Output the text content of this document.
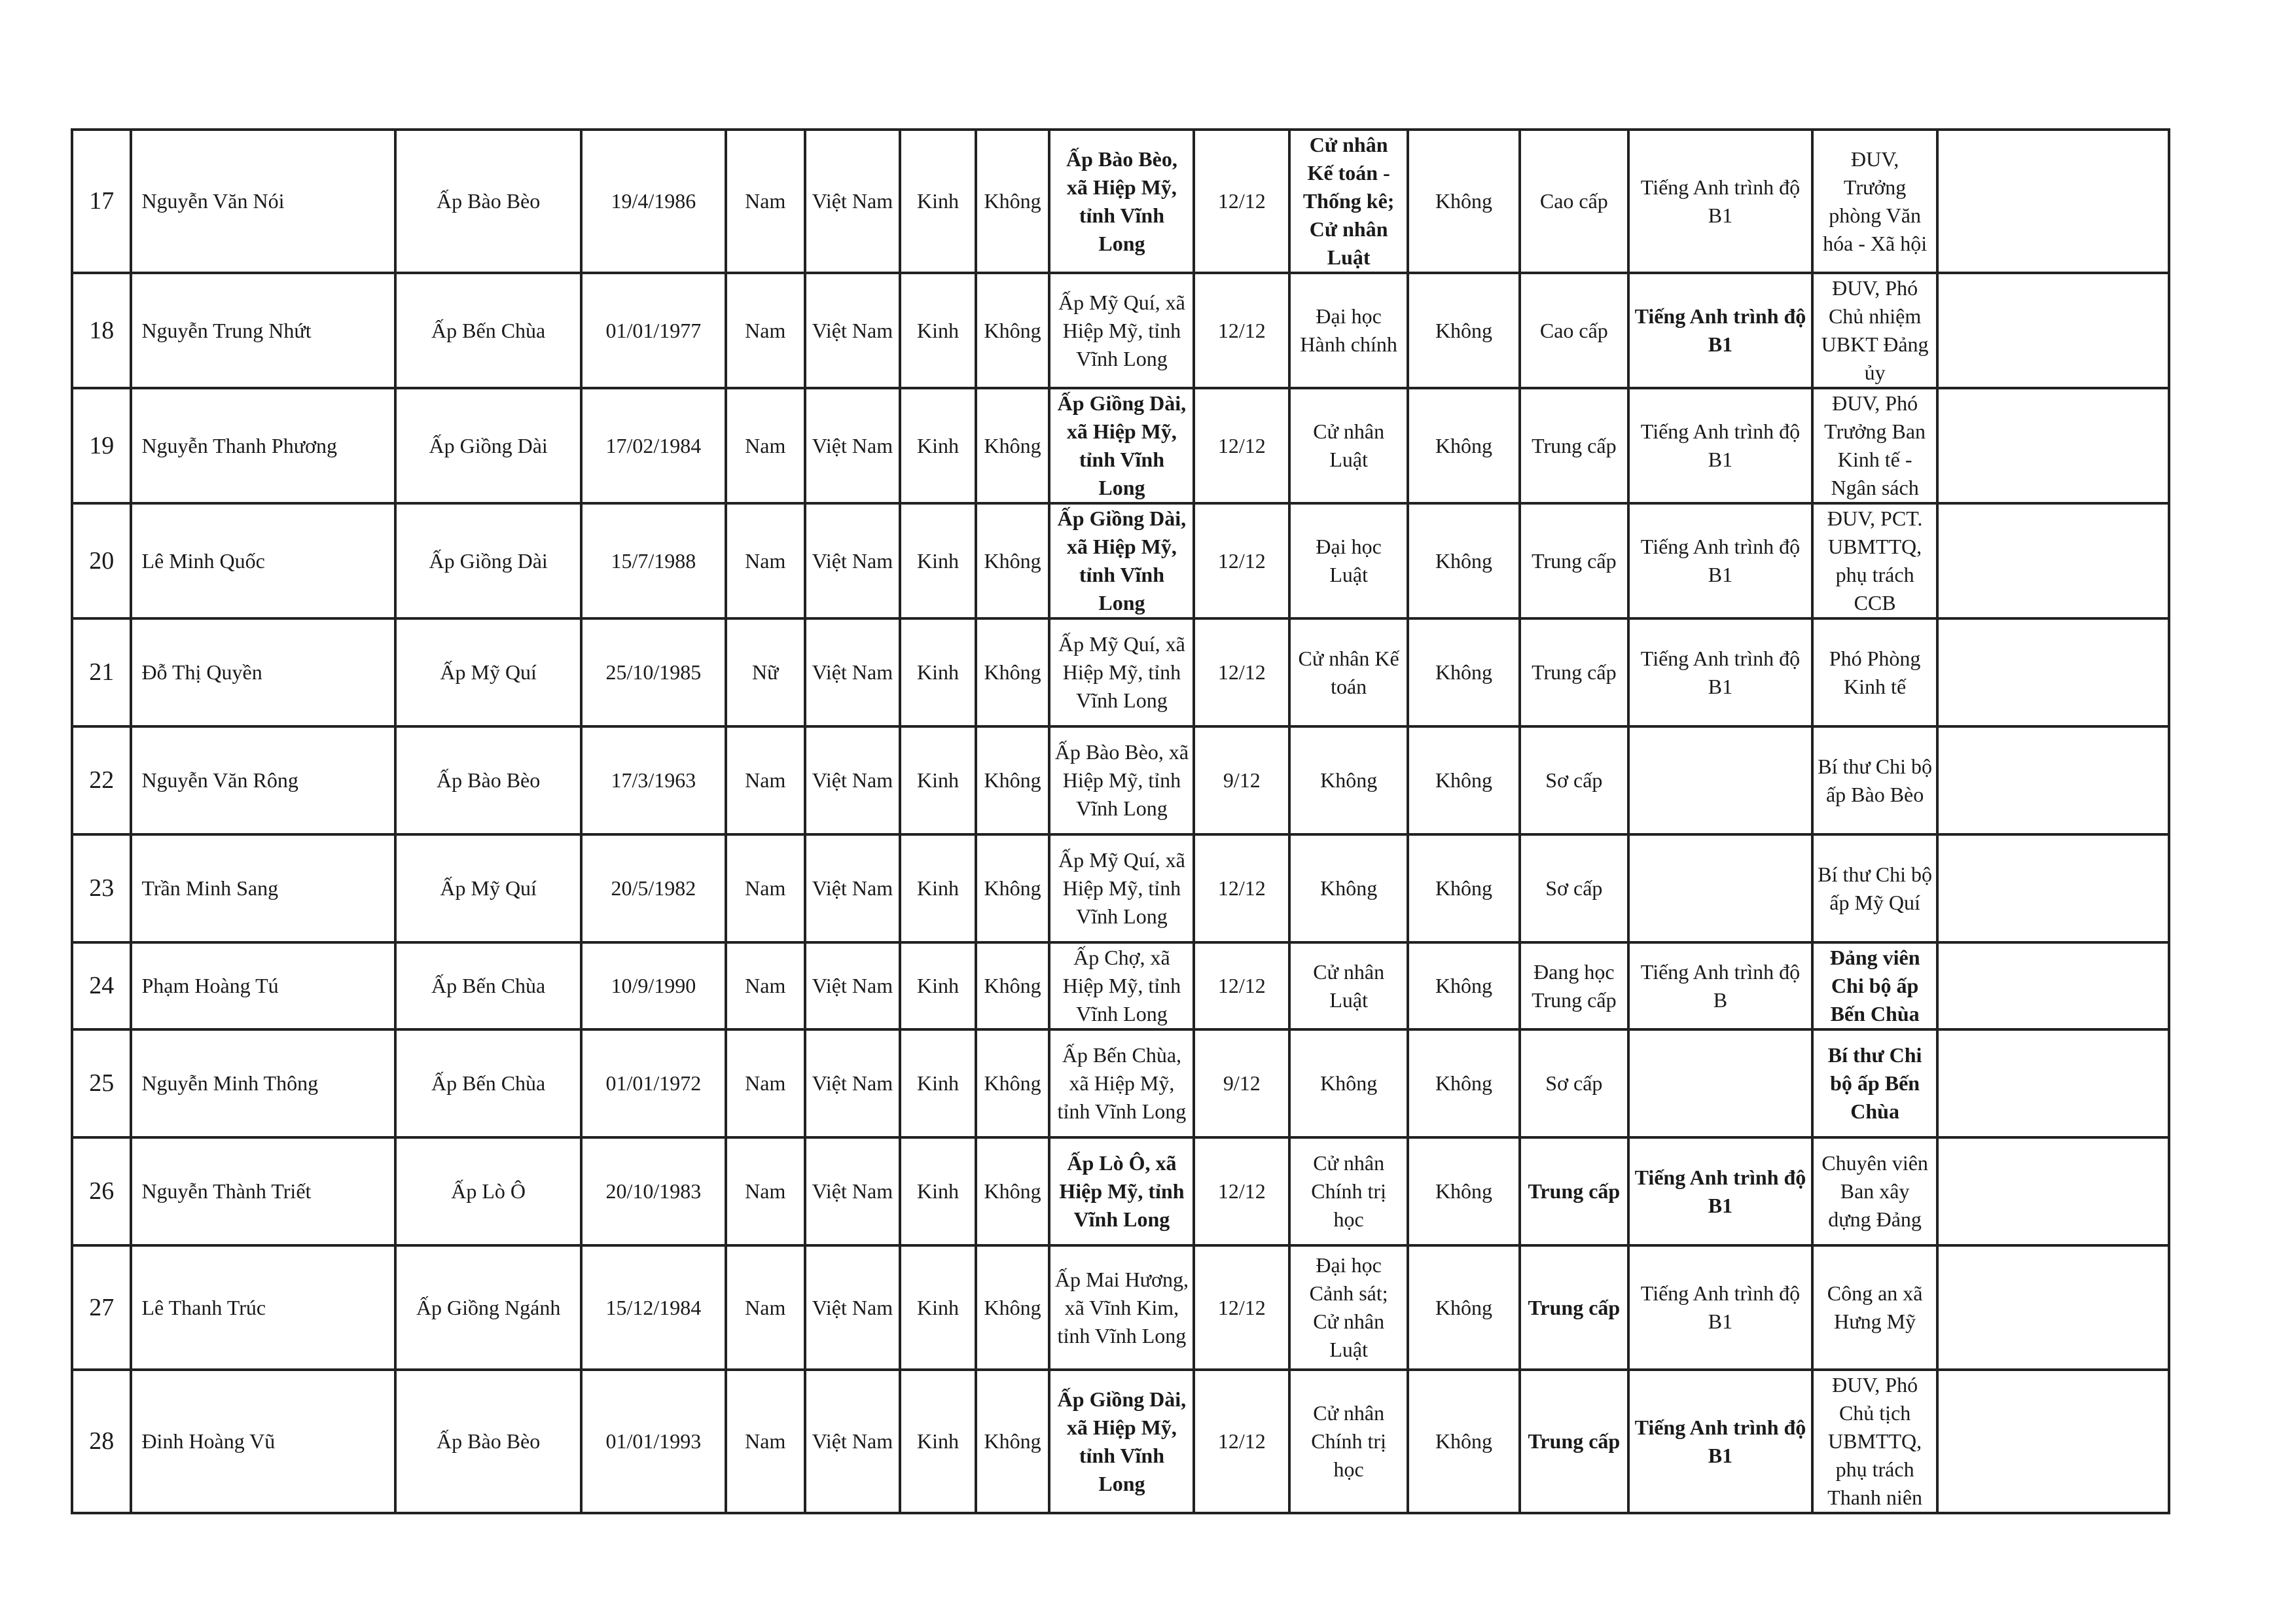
17	Nguyễn Văn Nói	Ấp Bào Bèo	19/4/1986	Nam	Việt Nam	Kinh	Không	Ấp Bào Bèo, xã Hiệp Mỹ, tỉnh Vĩnh Long	12/12	Cử nhân Kế toán - Thống kê; Cử nhân Luật	Không	Cao cấp	Tiếng Anh trình độ B1	ĐUV, Trưởng phòng Văn hóa - Xã hội	
18	Nguyễn Trung Nhứt	Ấp Bến Chùa	01/01/1977	Nam	Việt Nam	Kinh	Không	Ấp Mỹ Quí, xã Hiệp Mỹ, tỉnh Vĩnh Long	12/12	Đại học Hành chính	Không	Cao cấp	Tiếng Anh trình độ B1	ĐUV, Phó Chủ nhiệm UBKT Đảng ủy	
19	Nguyễn Thanh Phương	Ấp Giồng Dài	17/02/1984	Nam	Việt Nam	Kinh	Không	Ấp Giồng Dài, xã Hiệp Mỹ, tỉnh Vĩnh Long	12/12	Cử nhân Luật	Không	Trung cấp	Tiếng Anh trình độ B1	ĐUV, Phó Trưởng Ban Kinh tế - Ngân sách	
20	Lê Minh Quốc	Ấp Giồng Dài	15/7/1988	Nam	Việt Nam	Kinh	Không	Ấp Giồng Dài, xã Hiệp Mỹ, tỉnh Vĩnh Long	12/12	Đại học Luật	Không	Trung cấp	Tiếng Anh trình độ B1	ĐUV, PCT. UBMTTQ, phụ trách CCB	
21	Đỗ Thị Quyền	Ấp Mỹ Quí	25/10/1985	Nữ	Việt Nam	Kinh	Không	Ấp Mỹ Quí, xã Hiệp Mỹ, tỉnh Vĩnh Long	12/12	Cử nhân Kế toán	Không	Trung cấp	Tiếng Anh trình độ B1	Phó Phòng Kinh tế	
22	Nguyễn Văn Rông	Ấp Bào Bèo	17/3/1963	Nam	Việt Nam	Kinh	Không	Ấp Bào Bèo, xã Hiệp Mỹ, tỉnh Vĩnh Long	9/12	Không	Không	Sơ cấp		Bí thư Chi bộ ấp Bào Bèo	
23	Trần Minh Sang	Ấp Mỹ Quí	20/5/1982	Nam	Việt Nam	Kinh	Không	Ấp Mỹ Quí, xã Hiệp Mỹ, tỉnh Vĩnh Long	12/12	Không	Không	Sơ cấp		Bí thư Chi bộ ấp Mỹ Quí	
24	Phạm Hoàng Tú	Ấp Bến Chùa	10/9/1990	Nam	Việt Nam	Kinh	Không	Ấp Chợ, xã Hiệp Mỹ, tỉnh Vĩnh Long	12/12	Cử nhân Luật	Không	Đang học Trung cấp	Tiếng Anh trình độ B	Đảng viên Chi bộ ấp Bến Chùa	
25	Nguyễn Minh Thông	Ấp Bến Chùa	01/01/1972	Nam	Việt Nam	Kinh	Không	Ấp Bến Chùa, xã Hiệp Mỹ, tỉnh Vĩnh Long	9/12	Không	Không	Sơ cấp		Bí thư Chi bộ ấp Bến Chùa	
26	Nguyễn Thành Triết	Ấp Lò Ô	20/10/1983	Nam	Việt Nam	Kinh	Không	Ấp Lò Ô, xã Hiệp Mỹ, tỉnh Vĩnh Long	12/12	Cử nhân Chính trị học	Không	Trung cấp	Tiếng Anh trình độ B1	Chuyên viên Ban xây dựng Đảng	
27	Lê Thanh Trúc	Ấp Giồng Ngánh	15/12/1984	Nam	Việt Nam	Kinh	Không	Ấp Mai Hương, xã Vĩnh Kim, tỉnh Vĩnh Long	12/12	Đại học Cảnh sát; Cử nhân Luật	Không	Trung cấp	Tiếng Anh trình độ B1	Công an xã Hưng Mỹ	
28	Đinh Hoàng Vũ	Ấp Bào Bèo	01/01/1993	Nam	Việt Nam	Kinh	Không	Ấp Giồng Dài, xã Hiệp Mỹ, tỉnh Vĩnh Long	12/12	Cử nhân Chính trị học	Không	Trung cấp	Tiếng Anh trình độ B1	ĐUV, Phó Chủ tịch UBMTTQ, phụ trách Thanh niên	
